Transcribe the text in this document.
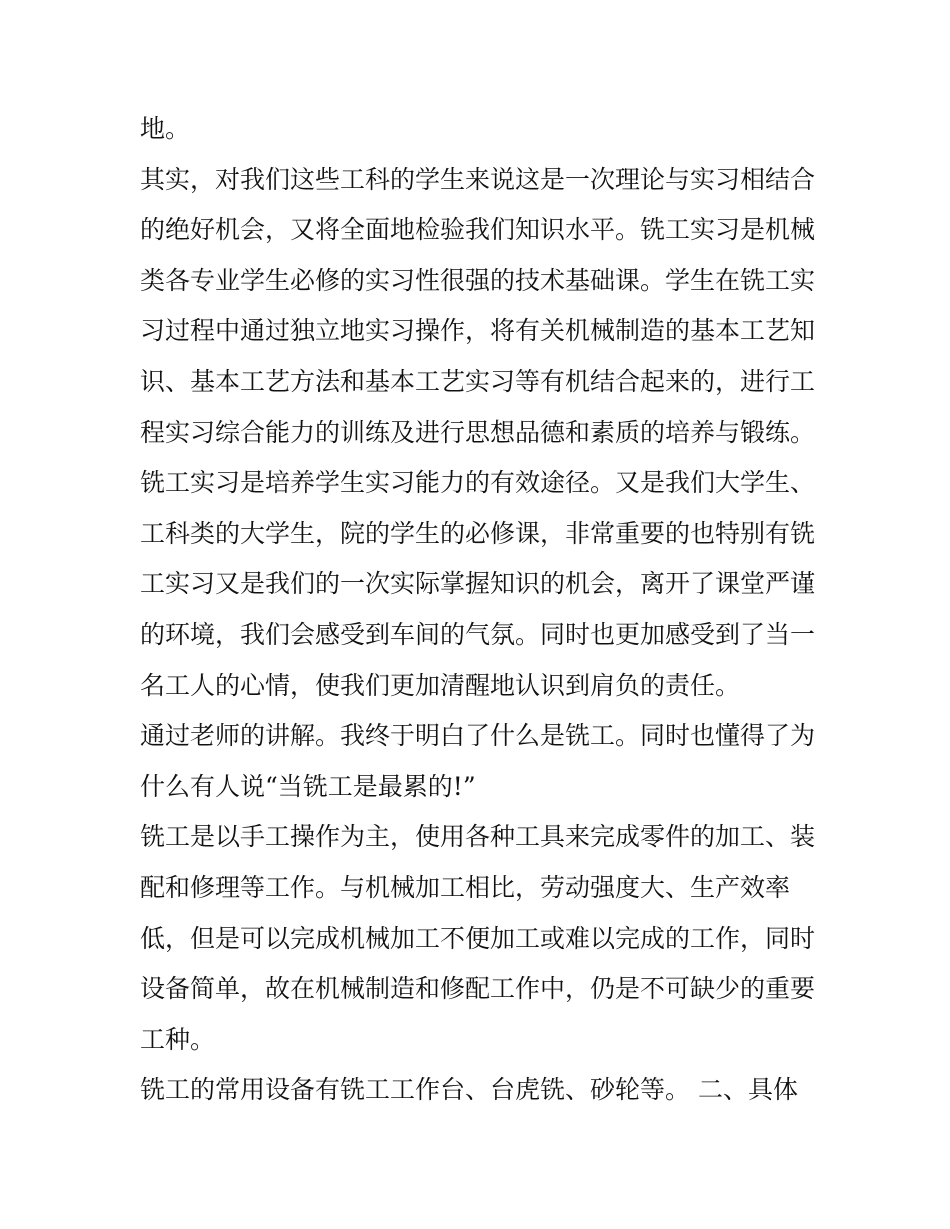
地。
其实，对我们这些工科的学生来说这是一次理论与实习相结合
的绝好机会，又将全面地检验我们知识水平。铣工实习是机械
类各专业学生必修的实习性很强的技术基础课。学生在铣工实
习过程中通过独立地实习操作，将有关机械制造的基本工艺知
识、基本工艺方法和基本工艺实习等有机结合起来的，进行工
程实习综合能力的训练及进行思想品德和素质的培养与锻练。
铣工实习是培养学生实习能力的有效途径。又是我们大学生、
工科类的大学生，院的学生的必修课，非常重要的也特别有铣
工实习又是我们的一次实际掌握知识的机会，离开了课堂严谨
的环境，我们会感受到车间的气氛。同时也更加感受到了当一
名工人的心情，使我们更加清醒地认识到肩负的责任。
通过老师的讲解。我终于明白了什么是铣工。同时也懂得了为
什么有人说“当铣工是最累的!”
铣工是以手工操作为主，使用各种工具来完成零件的加工、装
配和修理等工作。与机械加工相比，劳动强度大、生产效率
低，但是可以完成机械加工不便加工或难以完成的工作，同时
设备简单，故在机械制造和修配工作中，仍是不可缺少的重要
工种。
铣工的常用设备有铣工工作台、台虎铣、砂轮等。 二、具体
